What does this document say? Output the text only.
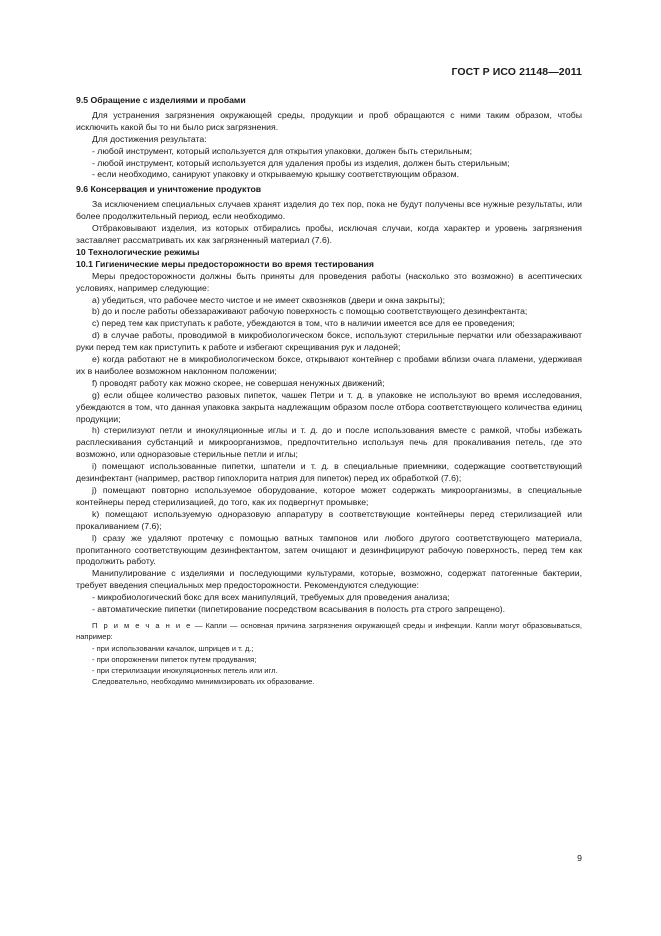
ГОСТ Р ИСО 21148—2011

9.5 Обращение с изделиями и пробами

Для устранения загрязнения окружающей среды, продукции и проб обращаются с ними таким образом, чтобы исключить какой бы то ни было риск загрязнения.

Для достижения результата:

- любой инструмент, который используется для открытия упаковки, должен быть стерильным;

- любой инструмент, который используется для удаления пробы из изделия, должен быть стерильным;

- если необходимо, санируют упаковку и открываемую крышку соответствующим образом.

9.6 Консервация и уничтожение продуктов

За исключением специальных случаев хранят изделия до тех пор, пока не будут получены все нужные результаты, или более продолжительный период, если необходимо.

Отбраковывают изделия, из которых отбирались пробы, исключая случаи, когда характер и уровень загрязнения заставляет рассматривать их как загрязненный материал (7.6).

10 Технологические режимы

10.1 Гигиенические меры предосторожности во время тестирования

Меры предосторожности должны быть приняты для проведения работы (насколько это возможно) в асептических условиях, например следующие:

a) убедиться, что рабочее место чистое и не имеет сквозняков (двери и окна закрыты);

b) до и после работы обеззараживают рабочую поверхность с помощью соответствующего дезинфектанта;

c) перед тем как приступать к работе, убеждаются в том, что в наличии имеется все для ее проведения;

d) в случае работы, проводимой в микробиологическом боксе, используют стерильные перчатки или обеззараживают руки перед тем как приступить к работе и избегают скрещивания рук и ладоней;

e) когда работают не в микробиологическом боксе, открывают контейнер с пробами вблизи очага пламени, удерживая их в наиболее возможном наклонном положении;

f) проводят работу как можно скорее, не совершая ненужных движений;

g) если общее количество разовых пипеток, чашек Петри и т. д. в упаковке не используют во время исследования, убеждаются в том, что данная упаковка закрыта надлежащим образом после отбора соответствующего количества единиц продукции;

h) стерилизуют петли и инокуляционные иглы и т. д. до и после использования вместе с рамкой, чтобы избежать расплескивания субстанций и микроорганизмов, предпочтительно используя печь для прокаливания петель, где это возможно, или одноразовые стерильные петли и иглы;

i) помещают использованные пипетки, шпатели и т. д. в специальные приемники, содержащие соответствующий дезинфектант (например, раствор гипохлорита натрия для пипеток) перед их обработкой (7.6);

j) помещают повторно используемое оборудование, которое может содержать микроорганизмы, в специальные контейнеры перед стерилизацией, до того, как их подвергнут промывке;

k) помещают используемую одноразовую аппаратуру в соответствующие контейнеры перед стерилизацией или прокаливанием (7.6);

l) сразу же удаляют протечку с помощью ватных тампонов или любого другого соответствующего материала, пропитанного соответствующим дезинфектантом, затем очищают и дезинфицируют рабочую поверхность, перед тем как продолжить работу.

Манипулирование с изделиями и последующими культурами, которые, возможно, содержат патогенные бактерии, требует введения специальных мер предосторожности. Рекомендуются следующие:

- микробиологический бокс для всех манипуляций, требуемых для проведения анализа;

- автоматические пипетки (пипетирование посредством всасывания в полость рта строго запрещено).

П р и м е ч а н и е — Капли — основная причина загрязнения окружающей среды и инфекции. Капли могут образовываться, например:

- при использовании качалок, шприцев и т. д.;

- при опорожнении пипеток путем продувания;

- при стерилизации инокуляционных петель или игл.

Следовательно, необходимо минимизировать их образование.

9
